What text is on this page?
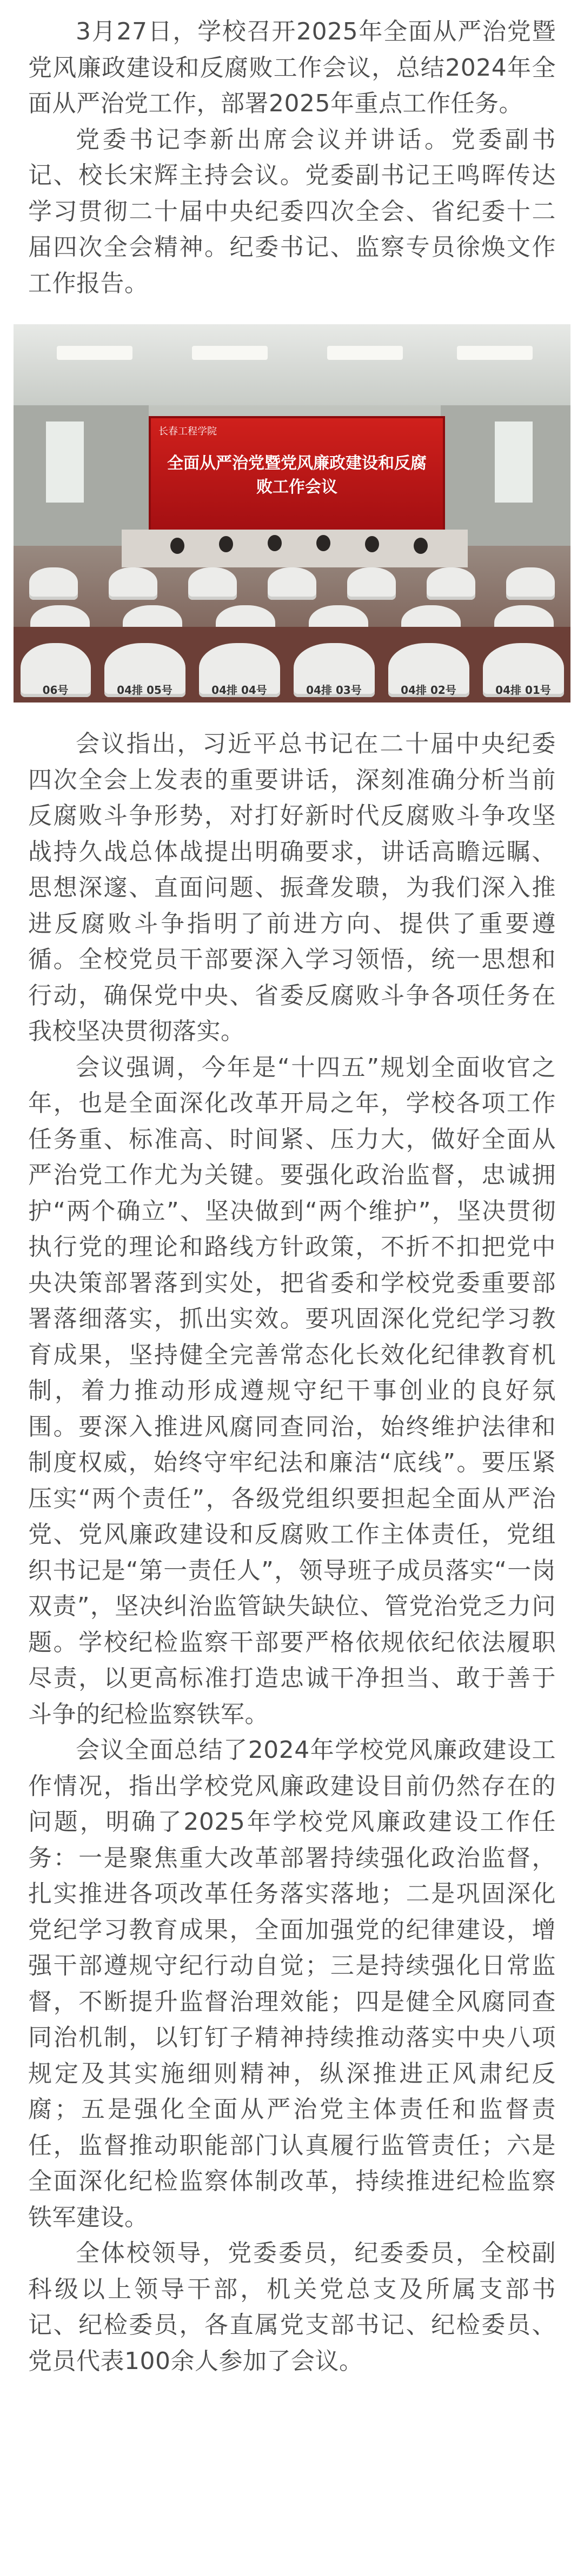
3月27日，学校召开2025年全面从严治党暨党风廉政建设和反腐败工作会议，总结2024年全面从严治党工作，部署2025年重点工作任务。

党委书记李新出席会议并讲话。党委副书记、校长宋辉主持会议。党委副书记王鸣晖传达学习贯彻二十届中央纪委四次全会、省纪委十二届四次全会精神。纪委书记、监察专员徐焕文作工作报告。

长春工程学院
全面从严治党暨党风廉政建设和反腐败工作会议
06号	04排 05号	04排 04号	04排 03号	04排 02号	04排 01号

会议指出，习近平总书记在二十届中央纪委四次全会上发表的重要讲话，深刻准确分析当前反腐败斗争形势，对打好新时代反腐败斗争攻坚战持久战总体战提出明确要求，讲话高瞻远瞩、思想深邃、直面问题、振聋发聩，为我们深入推进反腐败斗争指明了前进方向、提供了重要遵循。全校党员干部要深入学习领悟，统一思想和行动，确保党中央、省委反腐败斗争各项任务在我校坚决贯彻落实。

会议强调，今年是“十四五”规划全面收官之年，也是全面深化改革开局之年，学校各项工作任务重、标准高、时间紧、压力大，做好全面从严治党工作尤为关键。要强化政治监督，忠诚拥护“两个确立”、坚决做到“两个维护”，坚决贯彻执行党的理论和路线方针政策，不折不扣把党中央决策部署落到实处，把省委和学校党委重要部署落细落实，抓出实效。要巩固深化党纪学习教育成果，坚持健全完善常态化长效化纪律教育机制，着力推动形成遵规守纪干事创业的良好氛围。要深入推进风腐同查同治，始终维护法律和制度权威，始终守牢纪法和廉洁“底线”。要压紧压实“两个责任”，各级党组织要担起全面从严治党、党风廉政建设和反腐败工作主体责任，党组织书记是“第一责任人”，领导班子成员落实“一岗双责”，坚决纠治监管缺失缺位、管党治党乏力问题。学校纪检监察干部要严格依规依纪依法履职尽责，以更高标准打造忠诚干净担当、敢于善于斗争的纪检监察铁军。

会议全面总结了2024年学校党风廉政建设工作情况，指出学校党风廉政建设目前仍然存在的问题，明确了2025年学校党风廉政建设工作任务：一是聚焦重大改革部署持续强化政治监督，扎实推进各项改革任务落实落地；二是巩固深化党纪学习教育成果，全面加强党的纪律建设，增强干部遵规守纪行动自觉；三是持续强化日常监督，不断提升监督治理效能；四是健全风腐同查同治机制，以钉钉子精神持续推动落实中央八项规定及其实施细则精神，纵深推进正风肃纪反腐；五是强化全面从严治党主体责任和监督责任，监督推动职能部门认真履行监管责任；六是全面深化纪检监察体制改革，持续推进纪检监察铁军建设。

全体校领导，党委委员，纪委委员，全校副科级以上领导干部，机关党总支及所属支部书记、纪检委员，各直属党支部书记、纪检委员、党员代表100余人参加了会议。
